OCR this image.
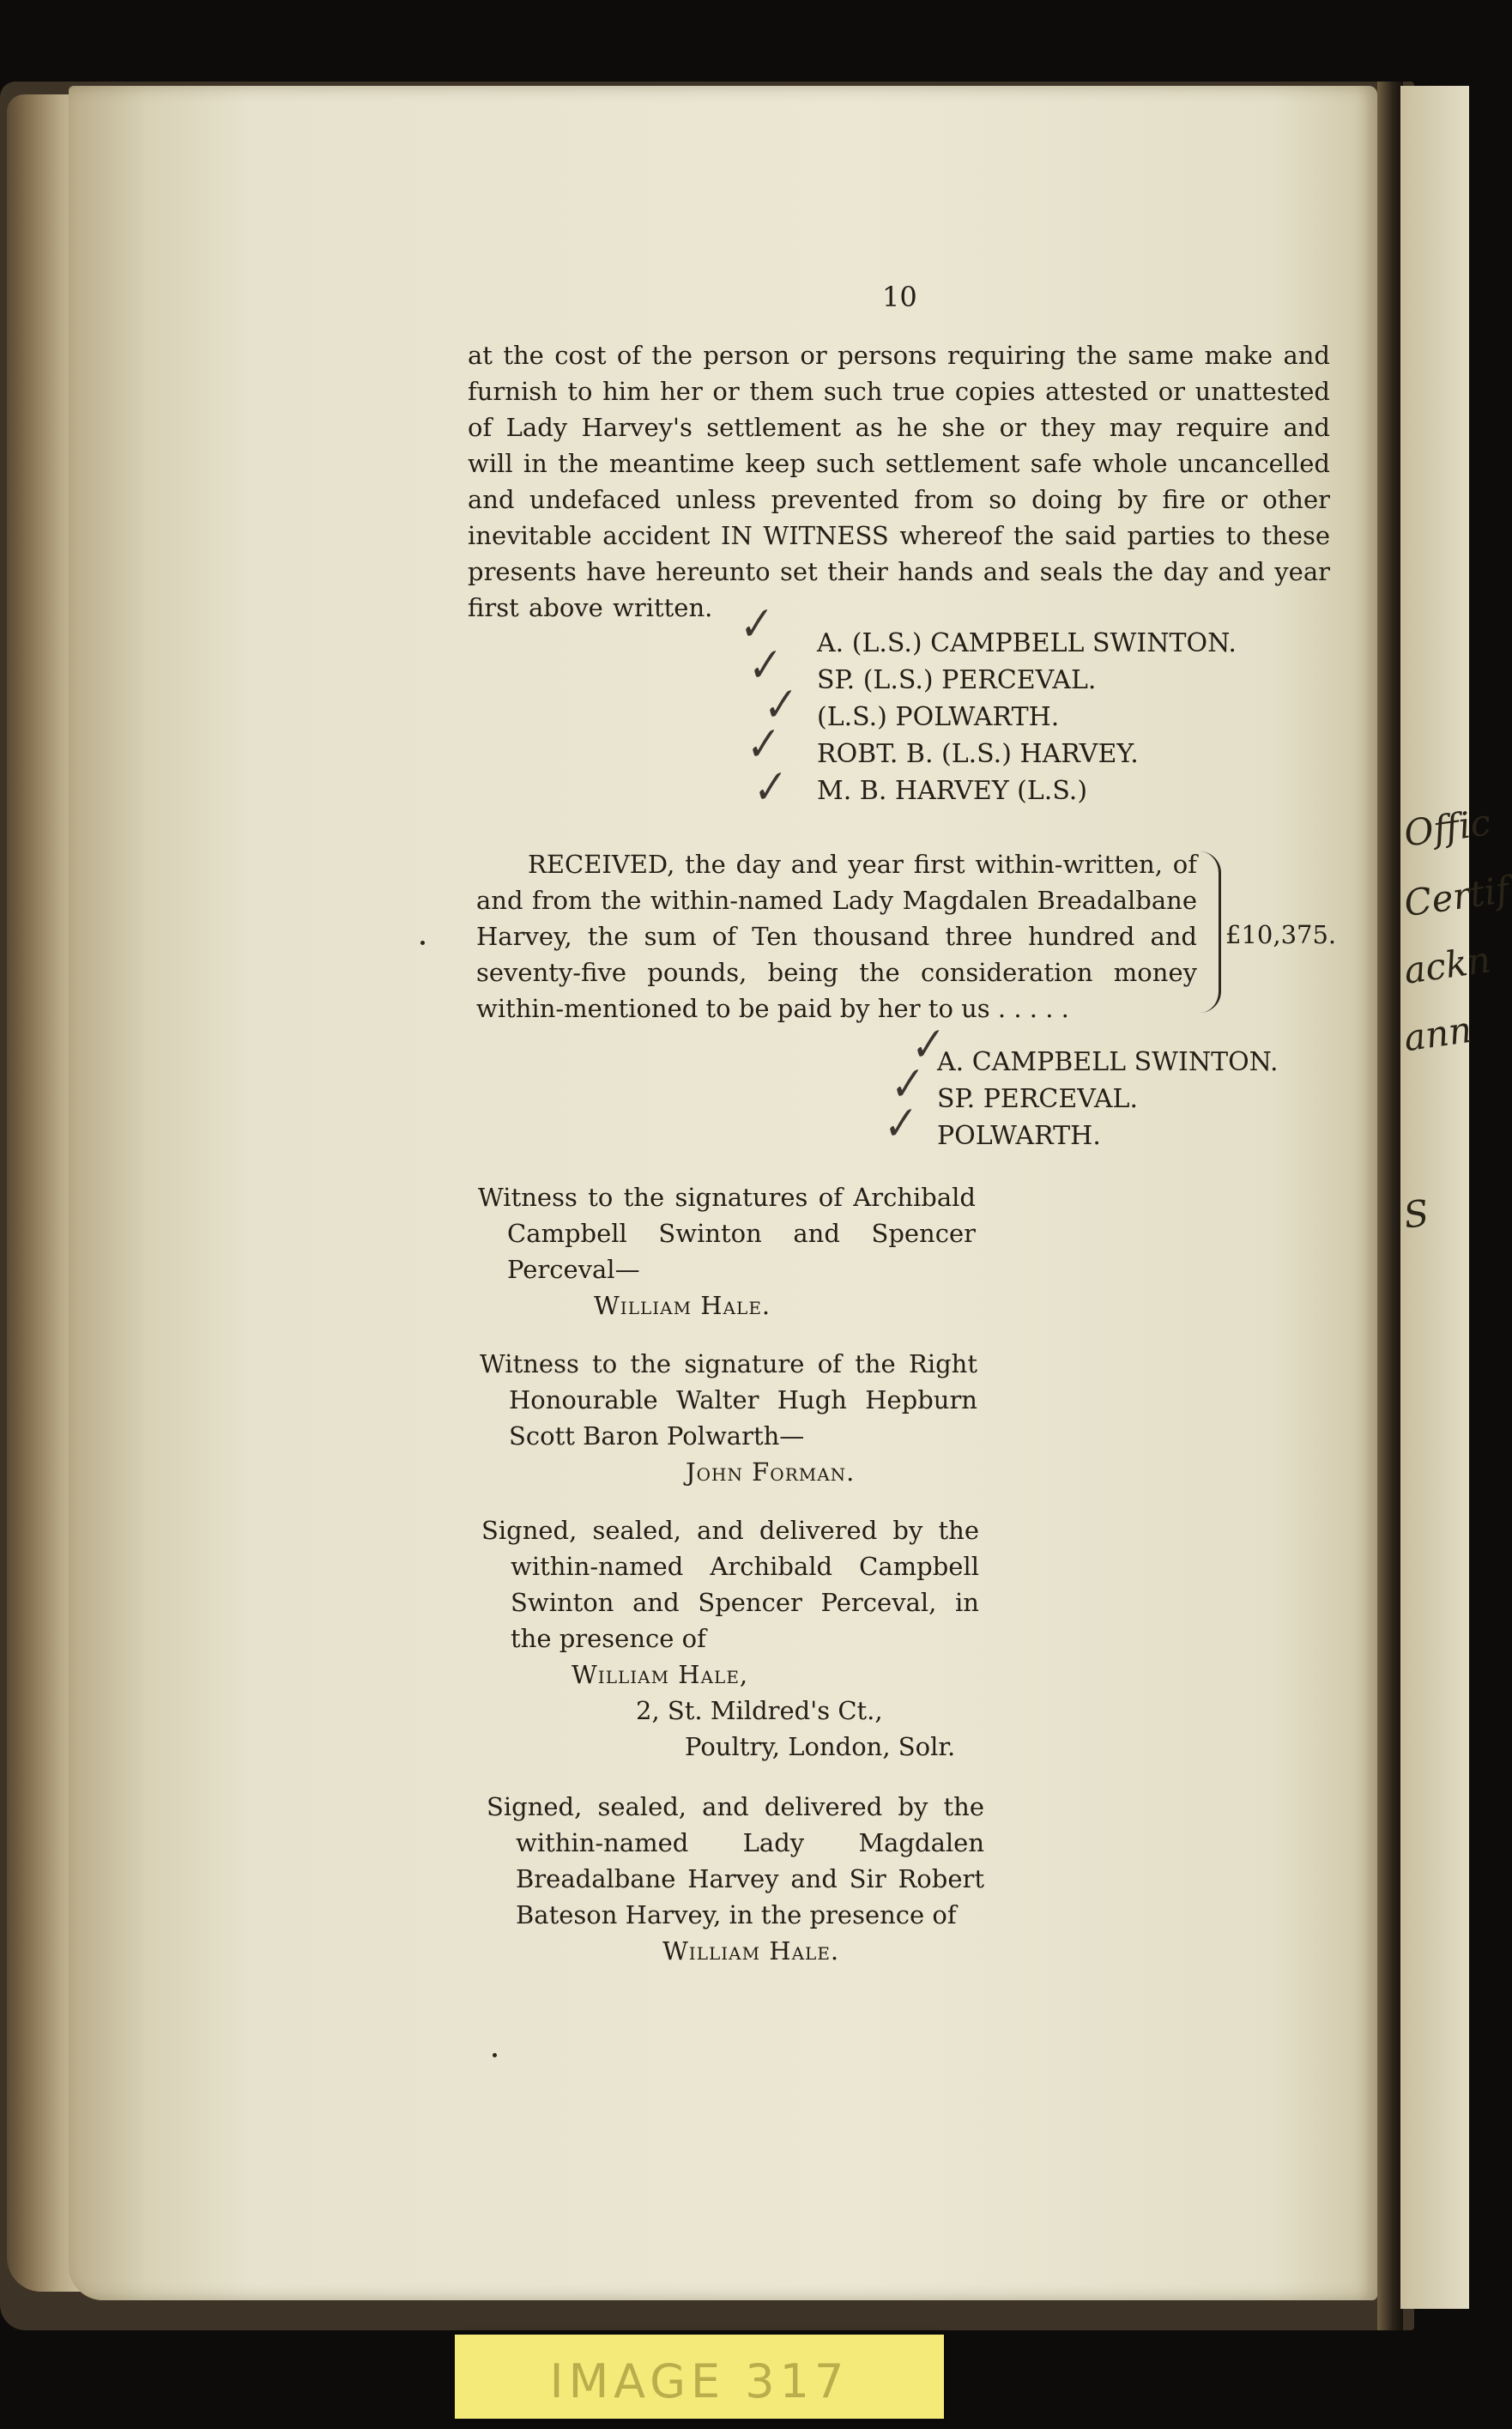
Offic
Certif
ackn
ann
S
IMAGE 317
10
at the cost of the person or persons requiring the same make and furnish to him her or them such true copies attested or unattested of Lady Harvey's settlement as he she or they may require and will in the meantime keep such settlement safe whole uncancelled and undefaced unless prevented from so doing by fire or other inevitable accident IN WITNESS whereof the said parties to these presents have hereunto set their hands and seals the day and year first above written.
A. (L.S.) CAMPBELL SWINTON.
SP. (L.S.) PERCEVAL.
(L.S.) POLWARTH.
ROBT. B. (L.S.) HARVEY.
M. B. HARVEY (L.S.)
✓
✓
✓
✓
✓
RECEIVED, the day and year first within-written, of and from the within-named Lady Magdalen Breadalbane Harvey, the sum of Ten thousand three hundred and seventy-five pounds, being the consideration money within-mentioned to be paid by her to us . . . . .
£10,375.
A. CAMPBELL SWINTON.
SP. PERCEVAL.
POLWARTH.
✓
✓
✓
Witness to the signatures of Archibald Campbell Swinton and Spencer Perceval—
William Hale.
Witness to the signature of the Right Honourable Walter Hugh Hepburn Scott Baron Polwarth—
John Forman.
Signed, sealed, and delivered by the within-named Archibald Campbell Swinton and Spencer Perceval, in the presence of
William Hale,
2, St. Mildred's Ct.,
Poultry, London, Solr.
Signed, sealed, and delivered by the within-named Lady Magdalen Breadalbane Harvey and Sir Robert Bateson Harvey, in the presence of
William Hale.
